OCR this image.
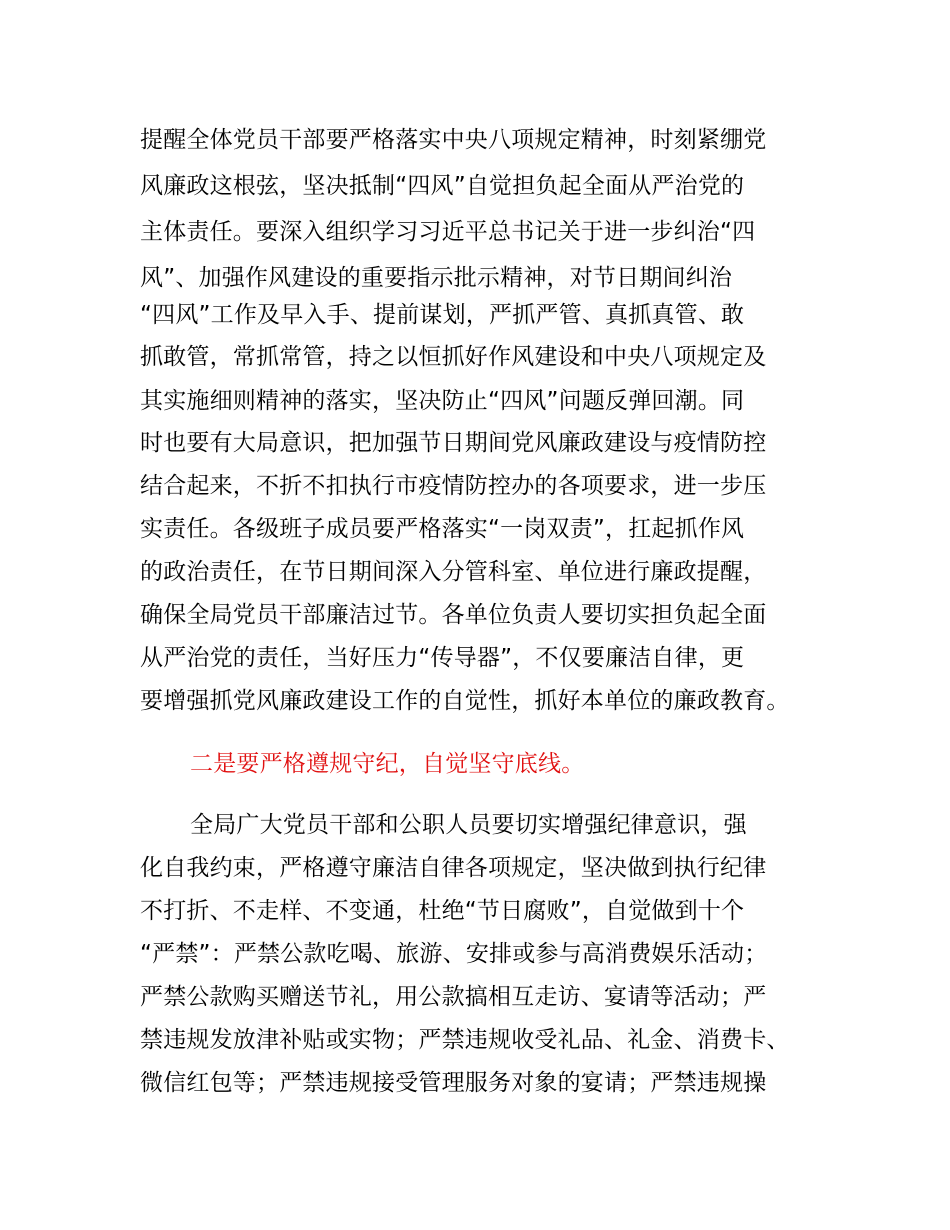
提醒全体党员干部要严格落实中央八项规定精神，时刻紧绷党
风廉政这根弦，坚决抵制“四风”自觉担负起全面从严治党的
主体责任。要深入组织学习习近平总书记关于进一步纠治“四
风”、加强作风建设的重要指示批示精神，对节日期间纠治
“四风”工作及早入手、提前谋划，严抓严管、真抓真管、敢
抓敢管，常抓常管，持之以恒抓好作风建设和中央八项规定及
其实施细则精神的落实，坚决防止“四风”问题反弹回潮。同
时也要有大局意识，把加强节日期间党风廉政建设与疫情防控
结合起来，不折不扣执行市疫情防控办的各项要求，进一步压
实责任。各级班子成员要严格落实“一岗双责”，扛起抓作风
的政治责任，在节日期间深入分管科室、单位进行廉政提醒，
确保全局党员干部廉洁过节。各单位负责人要切实担负起全面
从严治党的责任，当好压力“传导器”，不仅要廉洁自律，更
要增强抓党风廉政建设工作的自觉性，抓好本单位的廉政教育。
二是要严格遵规守纪，自觉坚守底线。
全局广大党员干部和公职人员要切实增强纪律意识，强
化自我约束，严格遵守廉洁自律各项规定，坚决做到执行纪律
不打折、不走样、不变通，杜绝“节日腐败”，自觉做到十个
“严禁”：严禁公款吃喝、旅游、安排或参与高消费娱乐活动；
严禁公款购买赠送节礼，用公款搞相互走访、宴请等活动；严
禁违规发放津补贴或实物；严禁违规收受礼品、礼金、消费卡、
微信红包等；严禁违规接受管理服务对象的宴请；严禁违规操
